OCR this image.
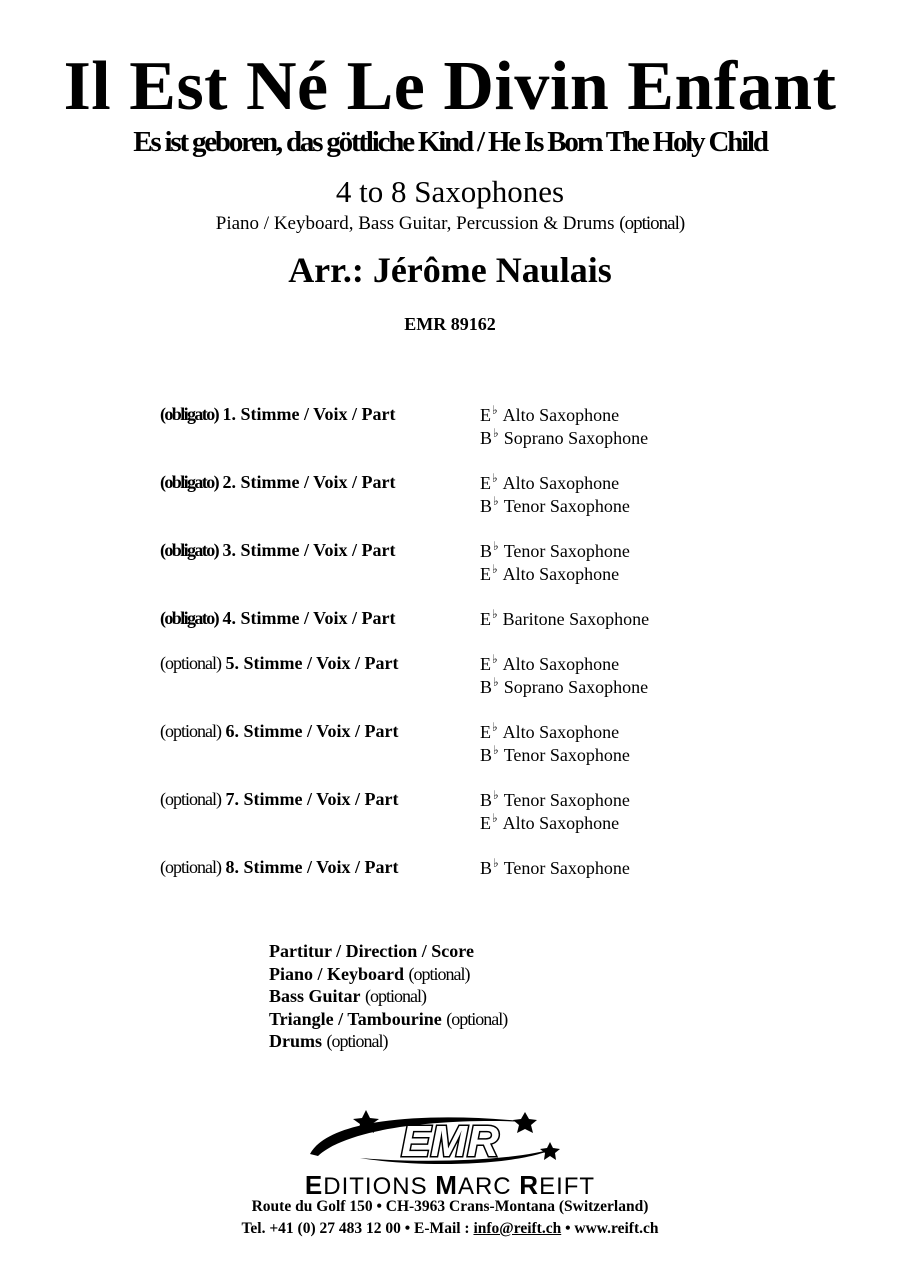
Il Est Né Le Divin Enfant
Es ist geboren, das göttliche Kind / He Is Born The Holy Child
4 to 8 Saxophones
Piano / Keyboard, Bass Guitar, Percussion & Drums (optional)
Arr.: Jérôme Naulais
EMR 89162
(obligato) 1. Stimme / Voix / Part	E♭ Alto Saxophone
B♭ Soprano Saxophone
(obligato) 2. Stimme / Voix / Part	E♭ Alto Saxophone
B♭ Tenor Saxophone
(obligato) 3. Stimme / Voix / Part	B♭ Tenor Saxophone
E♭ Alto Saxophone
(obligato) 4. Stimme / Voix / Part	E♭ Baritone Saxophone
(optional) 5. Stimme / Voix / Part	E♭ Alto Saxophone
B♭ Soprano Saxophone
(optional) 6. Stimme / Voix / Part	E♭ Alto Saxophone
B♭ Tenor Saxophone
(optional) 7. Stimme / Voix / Part	B♭ Tenor Saxophone
E♭ Alto Saxophone
(optional) 8. Stimme / Voix / Part	B♭ Tenor Saxophone
Partitur / Direction / Score
Piano / Keyboard (optional)
Bass Guitar (optional)
Triangle / Tambourine (optional)
Drums (optional)
EMR
EDITIONS MARC REIFT
Route du Golf 150 • CH-3963 Crans-Montana (Switzerland)
Tel. +41 (0) 27 483 12 00 • E-Mail : info@reift.ch • www.reift.ch
